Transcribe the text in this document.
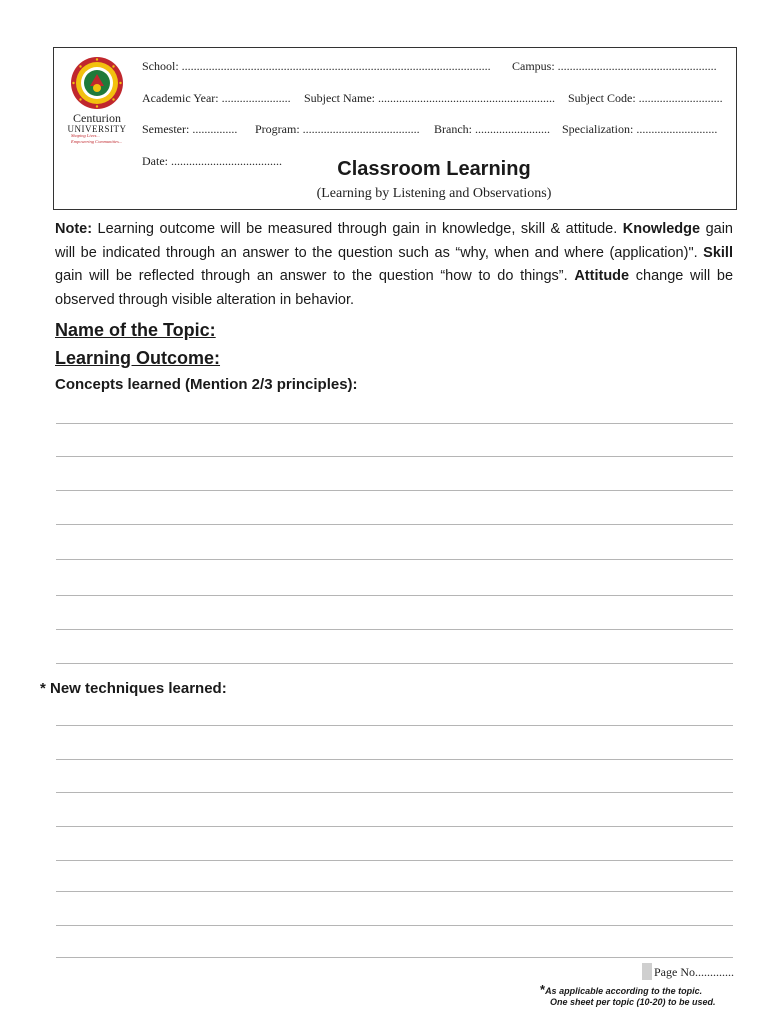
Centurion
UNIVERSITY
Shaping Lives...
Empowering Communities...
School: ....................................................................................................... Campus: .....................................................
Academic Year: ....................... Subject Name: ........................................................... Subject Code: ............................
Semester: ............... Program: ....................................... Branch: ......................... Specialization: ...........................
Date: .....................................	Classroom Learning
(Learning by Listening and Observations)
Note: Learning outcome will be measured through gain in knowledge, skill & attitude. Knowledge gain will be indicated through an answer to the question such as “why, when and where (application)". Skill gain will be reflected through an answer to the question “how to do things”. Attitude change will be observed through visible alteration in behavior.
Name of the Topic:
Learning Outcome:
Concepts learned (Mention 2/3 principles):
* New techniques learned:
Page No.............
*As applicable according to the topic.
One sheet per topic (10-20) to be used.
